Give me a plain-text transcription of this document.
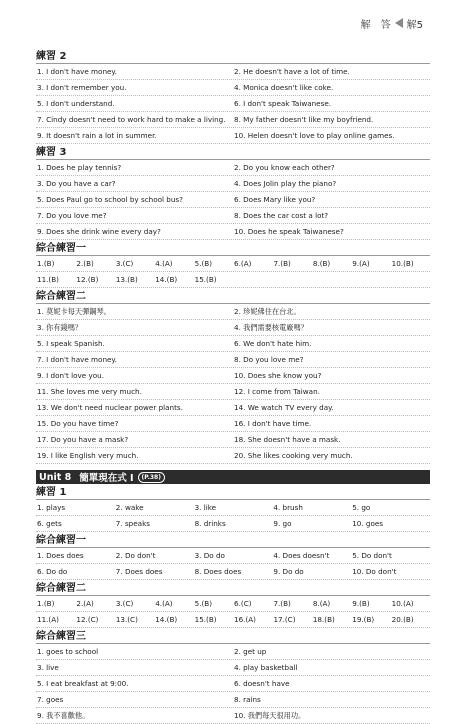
解　答 解5
練習 2
1. I don't have money.	2. He doesn't have a lot of time.
3. I don't remember you.	4. Monica doesn't like coke.
5. I don't understand.	6. I don't speak Taiwanese.
7. Cindy doesn't need to work hard to make a living.	8. My father doesn't like my boyfriend.
9. It doesn't rain a lot in summer.	10. Helen doesn't love to play online games.
練習 3
1. Does he play tennis?	2. Do you know each other?
3. Do you have a car?	4. Does Jolin play the piano?
5. Does Paul go to school by school bus?	6. Does Mary like you?
7. Do you love me?	8. Does the car cost a lot?
9. Does she drink wine every day?	10. Does he speak Taiwanese?
綜合練習一
1.(B)	2.(B)	3.(C)	4.(A)	5.(B)	6.(A)	7.(B)	8.(B)	9.(A)	10.(B)
11.(B)	12.(B)	13.(B)	14.(B)	15.(B)
綜合練習二
1. 莫妮卡每天彈鋼琴。	2. 珍妮佛住在台北。
3. 你有錢嗎？	4. 我們需要核電廠嗎？
5. I speak Spanish.	6. We don't hate him.
7. I don't have money.	8. Do you love me?
9. I don't love you.	10. Does she know you?
11. She loves me very much.	12. I come from Taiwan.
13. We don't need nuclear power plants.	14. We watch TV every day.
15. Do you have time?	16. I don't have time.
17. Do you have a mask?	18. She doesn't have a mask.
19. I like English very much.	20. She likes cooking very much.
Unit 8 簡單現在式 I	(P.38)
練習 1
1. plays	2. wake	3. like	4. brush	5. go
6. gets	7. speaks	8. drinks	9. go	10. goes
綜合練習一
1. Does does	2. Do don't	3. Do do	4. Does doesn't	5. Do don't
6. Do do	7. Does does	8. Does does	9. Do do	10. Do don't
綜合練習二
1.(B)	2.(A)	3.(C)	4.(A)	5.(B)	6.(C)	7.(B)	8.(A)	9.(B)	10.(A)
11.(A)	12.(C)	13.(C)	14.(B)	15.(B)	16.(A)	17.(C)	18.(B)	19.(B)	20.(B)
綜合練習三
1. goes to school	2. get up
3. live	4. play basketball
5. I eat breakfast at 9:00.	6. doesn't have
7. goes	8. rains
9. 我不喜歡他。	10. 我們每天很用功。
